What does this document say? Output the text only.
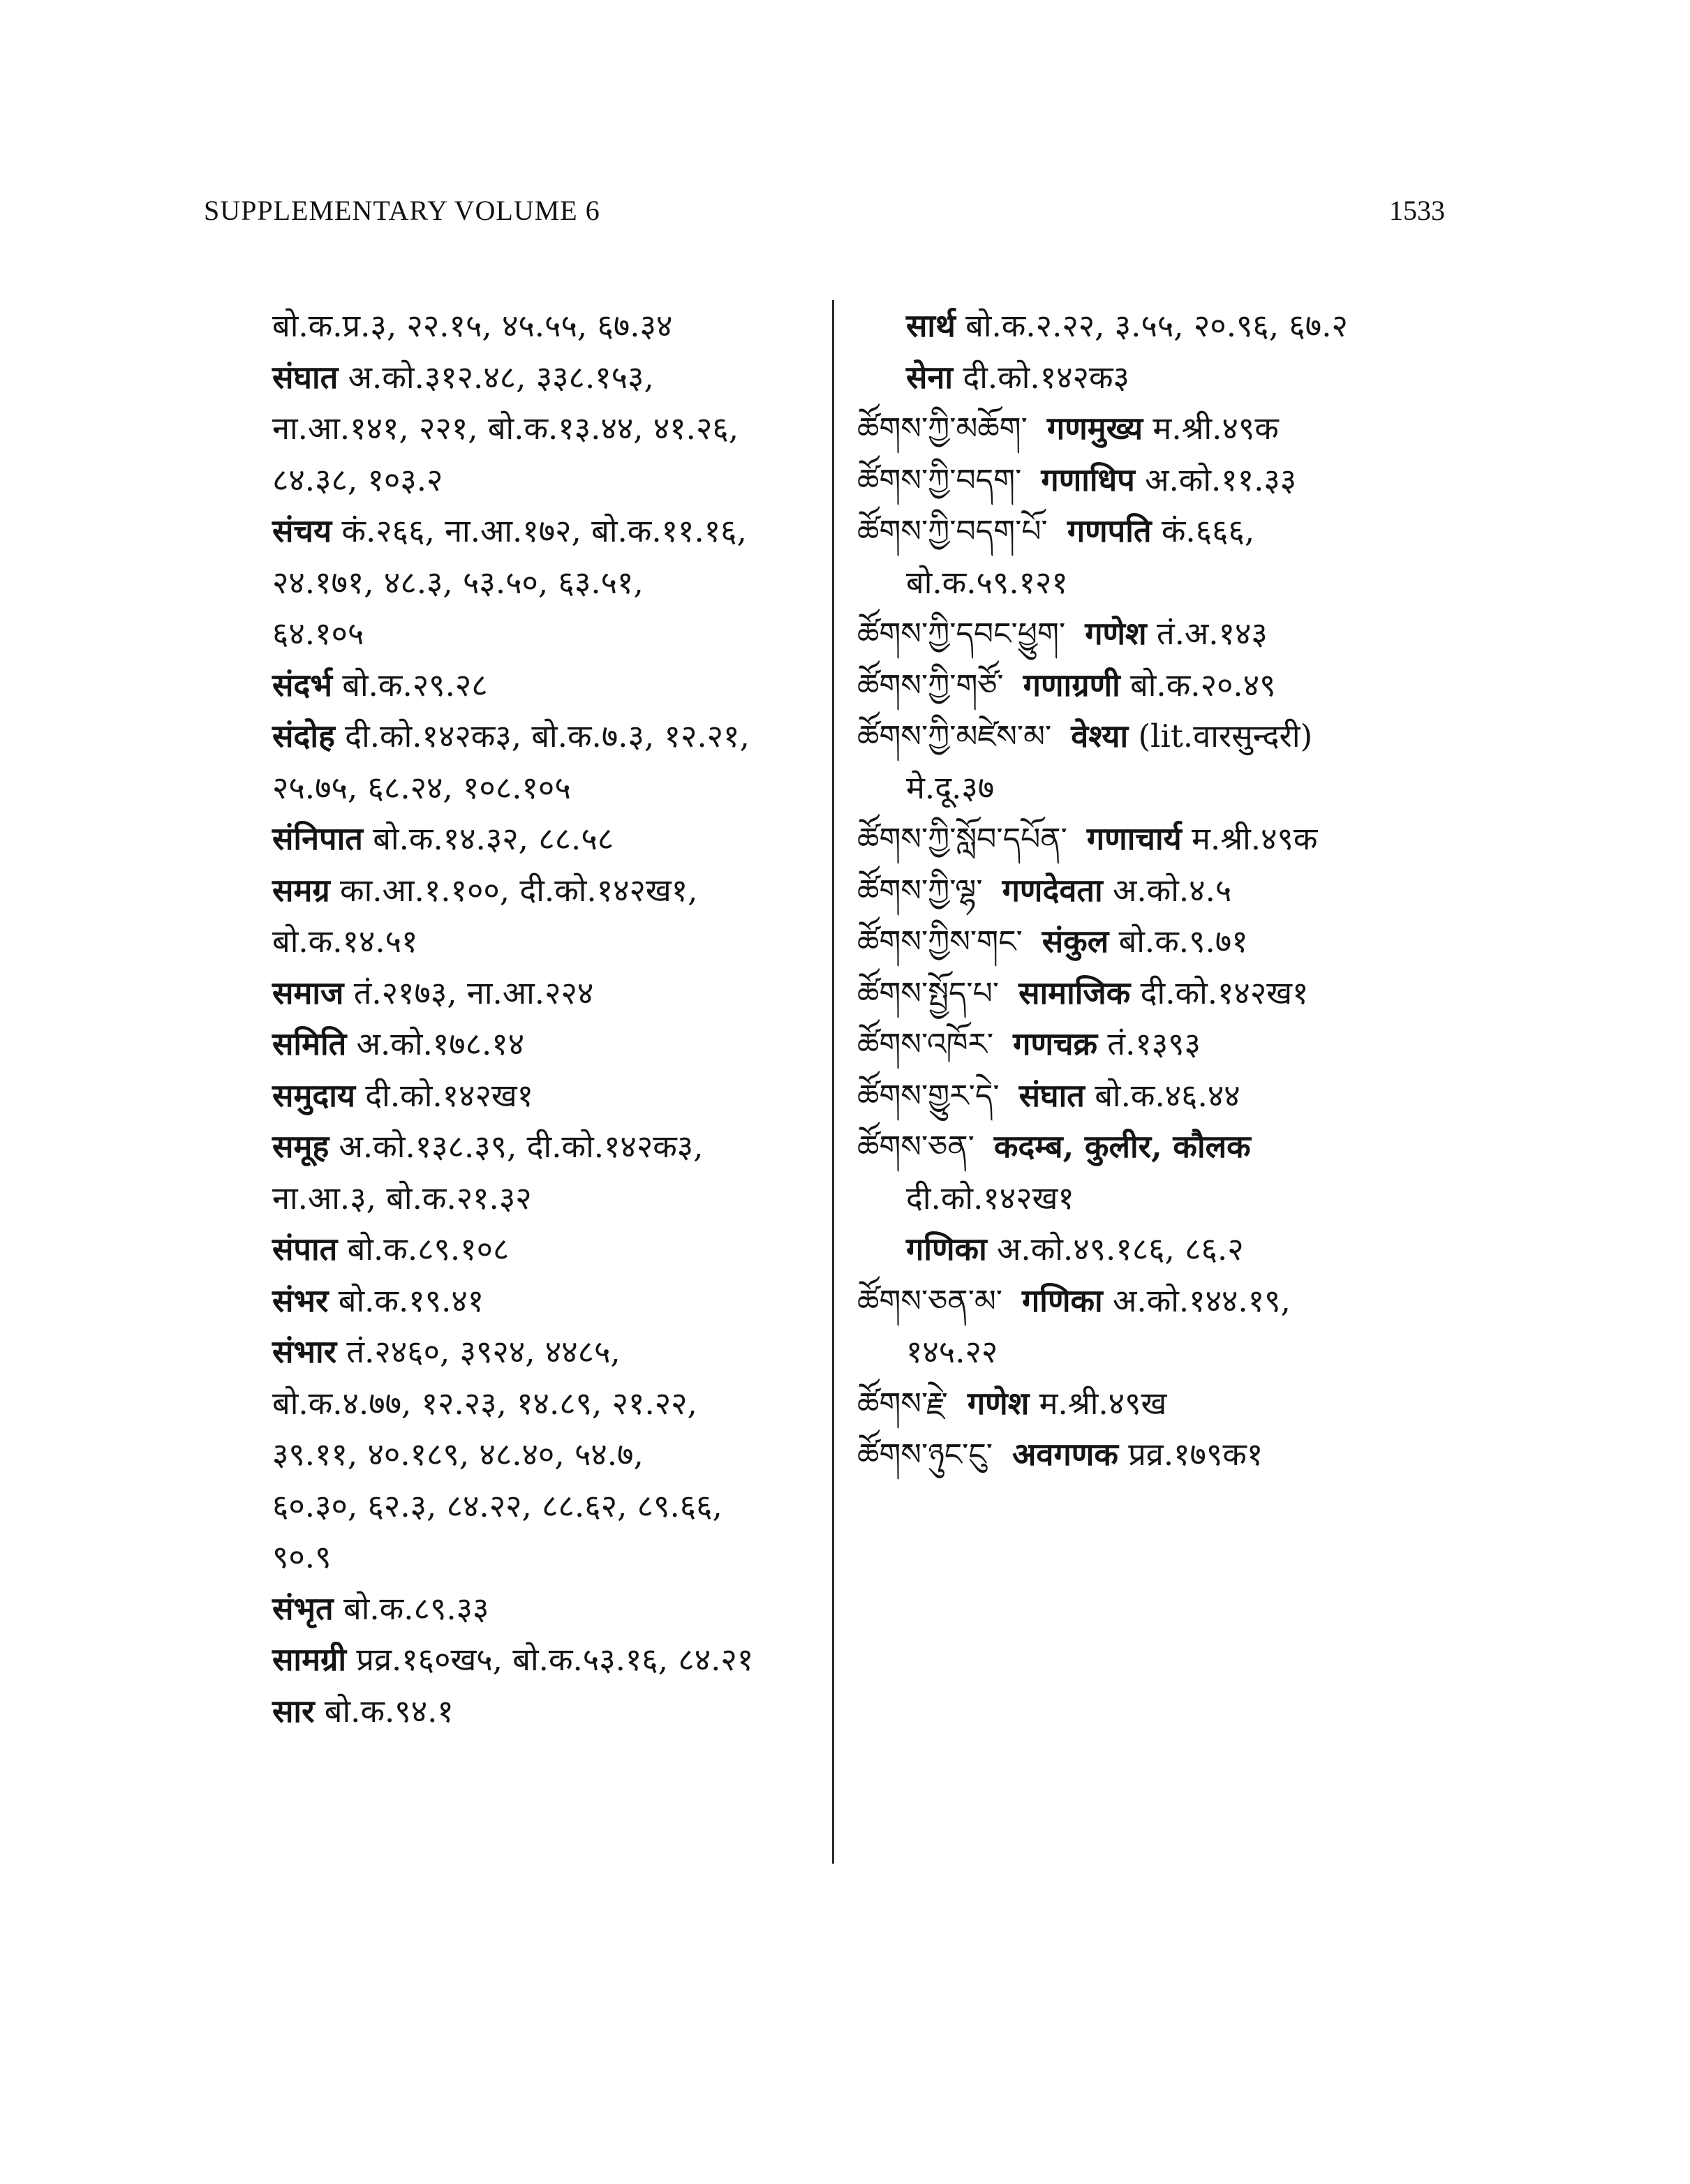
SUPPLEMENTARY VOLUME 6	1533
बो.क.प्र.३, २२.१५, ४५.५५, ६७.३४
संघात अ.को.३१२.४८, ३३८.१५३,
ना.आ.१४१, २२१, बो.क.१३.४४, ४१.२६,
८४.३८, १०३.२
संचय कं.२६६, ना.आ.१७२, बो.क.११.१६,
२४.१७१, ४८.३, ५३.५०, ६३.५१,
६४.१०५
संदर्भ बो.क.२९.२८
संदोह दी.को.१४२क३, बो.क.७.३, १२.२१,
२५.७५, ६८.२४, १०८.१०५
संनिपात बो.क.१४.३२, ८८.५८
समग्र का.आ.१.१००, दी.को.१४२ख१,
बो.क.१४.५१
समाज तं.२१७३, ना.आ.२२४
समिति अ.को.१७८.१४
समुदाय दी.को.१४२ख१
समूह अ.को.१३८.३९, दी.को.१४२क३,
ना.आ.३, बो.क.२१.३२
संपात बो.क.८९.१०८
संभर बो.क.१९.४१
संभार तं.२४६०, ३९२४, ४४८५,
बो.क.४.७७, १२.२३, १४.८९, २१.२२,
३९.११, ४०.१८९, ४८.४०, ५४.७,
६०.३०, ६२.३, ८४.२२, ८८.६२, ८९.६६,
९०.९
संभृत बो.क.८९.३३
सामग्री प्रव्र.१६०ख५, बो.क.५३.१६, ८४.२१
सार बो.क.९४.१
सार्थ बो.क.२.२२, ३.५५, २०.९६, ६७.२
सेना दी.को.१४२क३
ཚོགས་ཀྱི་མཆོག་ गणमुख्य म.श्री.४९क
ཚོགས་ཀྱི་བདག་ गणाधिप अ.को.११.३३
ཚོགས་ཀྱི་བདག་པོ་ गणपति कं.६६६,
बो.क.५९.१२१
ཚོགས་ཀྱི་དབང་ཕྱུག་ गणेश तं.अ.१४३
ཚོགས་ཀྱི་གཙོ་ गणाग्रणी बो.क.२०.४९
ཚོགས་ཀྱི་མཛེས་མ་ वेश्या (lit.वारसुन्दरी)
मे.दू.३७
ཚོགས་ཀྱི་སློབ་དཔོན་ गणाचार्य म.श्री.४९क
ཚོགས་ཀྱི་ལྷ་ गणदेवता अ.को.४.५
ཚོགས་ཀྱིས་གང་ संकुल बो.क.९.७१
ཚོགས་སྤྱོད་པ་ सामाजिक दी.को.१४२ख१
ཚོགས་འཁོར་ गणचक्र तं.१३९३
ཚོགས་གྱུར་དེ་ संघात बो.क.४६.४४
ཚོགས་ཅན་ कदम्ब, कुलीर, कौलक
दी.को.१४२ख१
गणिका अ.को.४९.१८६, ८६.२
ཚོགས་ཅན་མ་ गणिका अ.को.१४४.१९,
१४५.२२
ཚོགས་རྗེ་ गणेश म.श्री.४९ख
ཚོགས་ཉུང་ངུ་ अवगणक प्रव्र.१७९क१
